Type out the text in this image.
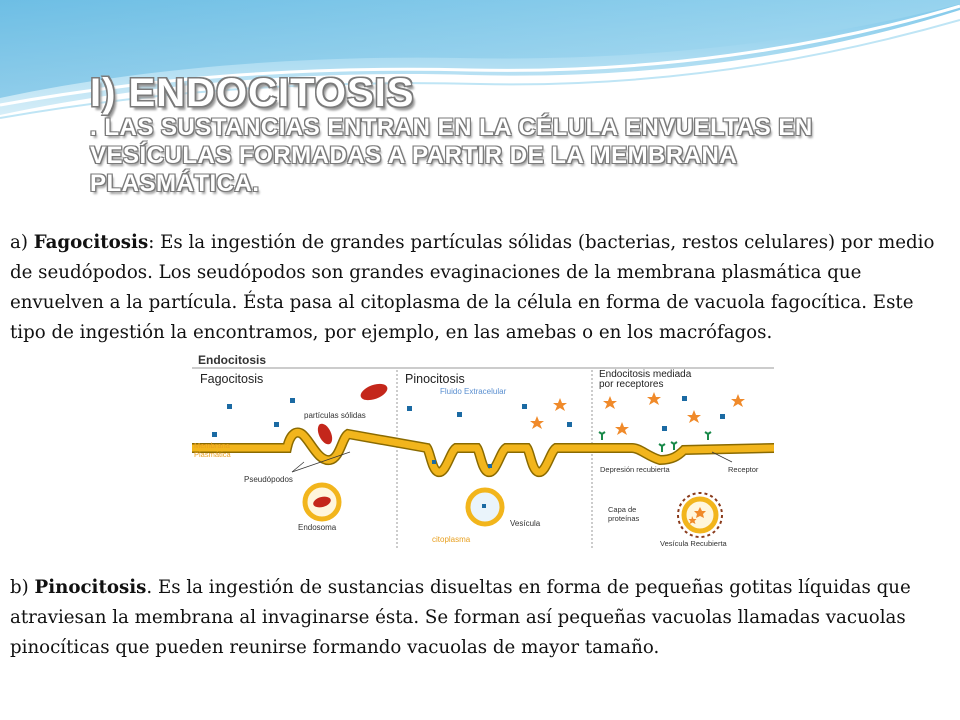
I) ENDOCITOSIS
. LAS SUSTANCIAS ENTRAN EN LA CÉLULA ENVUELTAS EN VESÍCULAS FORMADAS A PARTIR DE LA MEMBRANA PLASMÁTICA.
a) Fagocitosis: Es la ingestión de grandes partículas sólidas (bacterias, restos celulares) por medio de seudópodos. Los seudópodos son grandes evaginaciones de la membrana plasmática que envuelven a la partícula. Ésta pasa al citoplasma de la célula en forma de vacuola fagocítica. Este tipo de ingestión la encontramos, por ejemplo, en las amebas o en los macrófagos.
Endocitosis
Fagocitosis	Pinocitosis	Endocitosis mediada
por receptores
partículas sólidas
Membrana
Plasmática
Pseudópodos
Endosoma
Fluido Extracelular
Vesícula
citoplasma
Depresión recubierta	Receptor
Capa de
proteínas
Vesícula Recubierta
b) Pinocitosis. Es la ingestión de sustancias disueltas en forma de pequeñas gotitas líquidas que atraviesan la membrana al invaginarse ésta. Se forman así pequeñas vacuolas llamadas vacuolas pinocíticas que pueden reunirse formando vacuolas de mayor tamaño.
